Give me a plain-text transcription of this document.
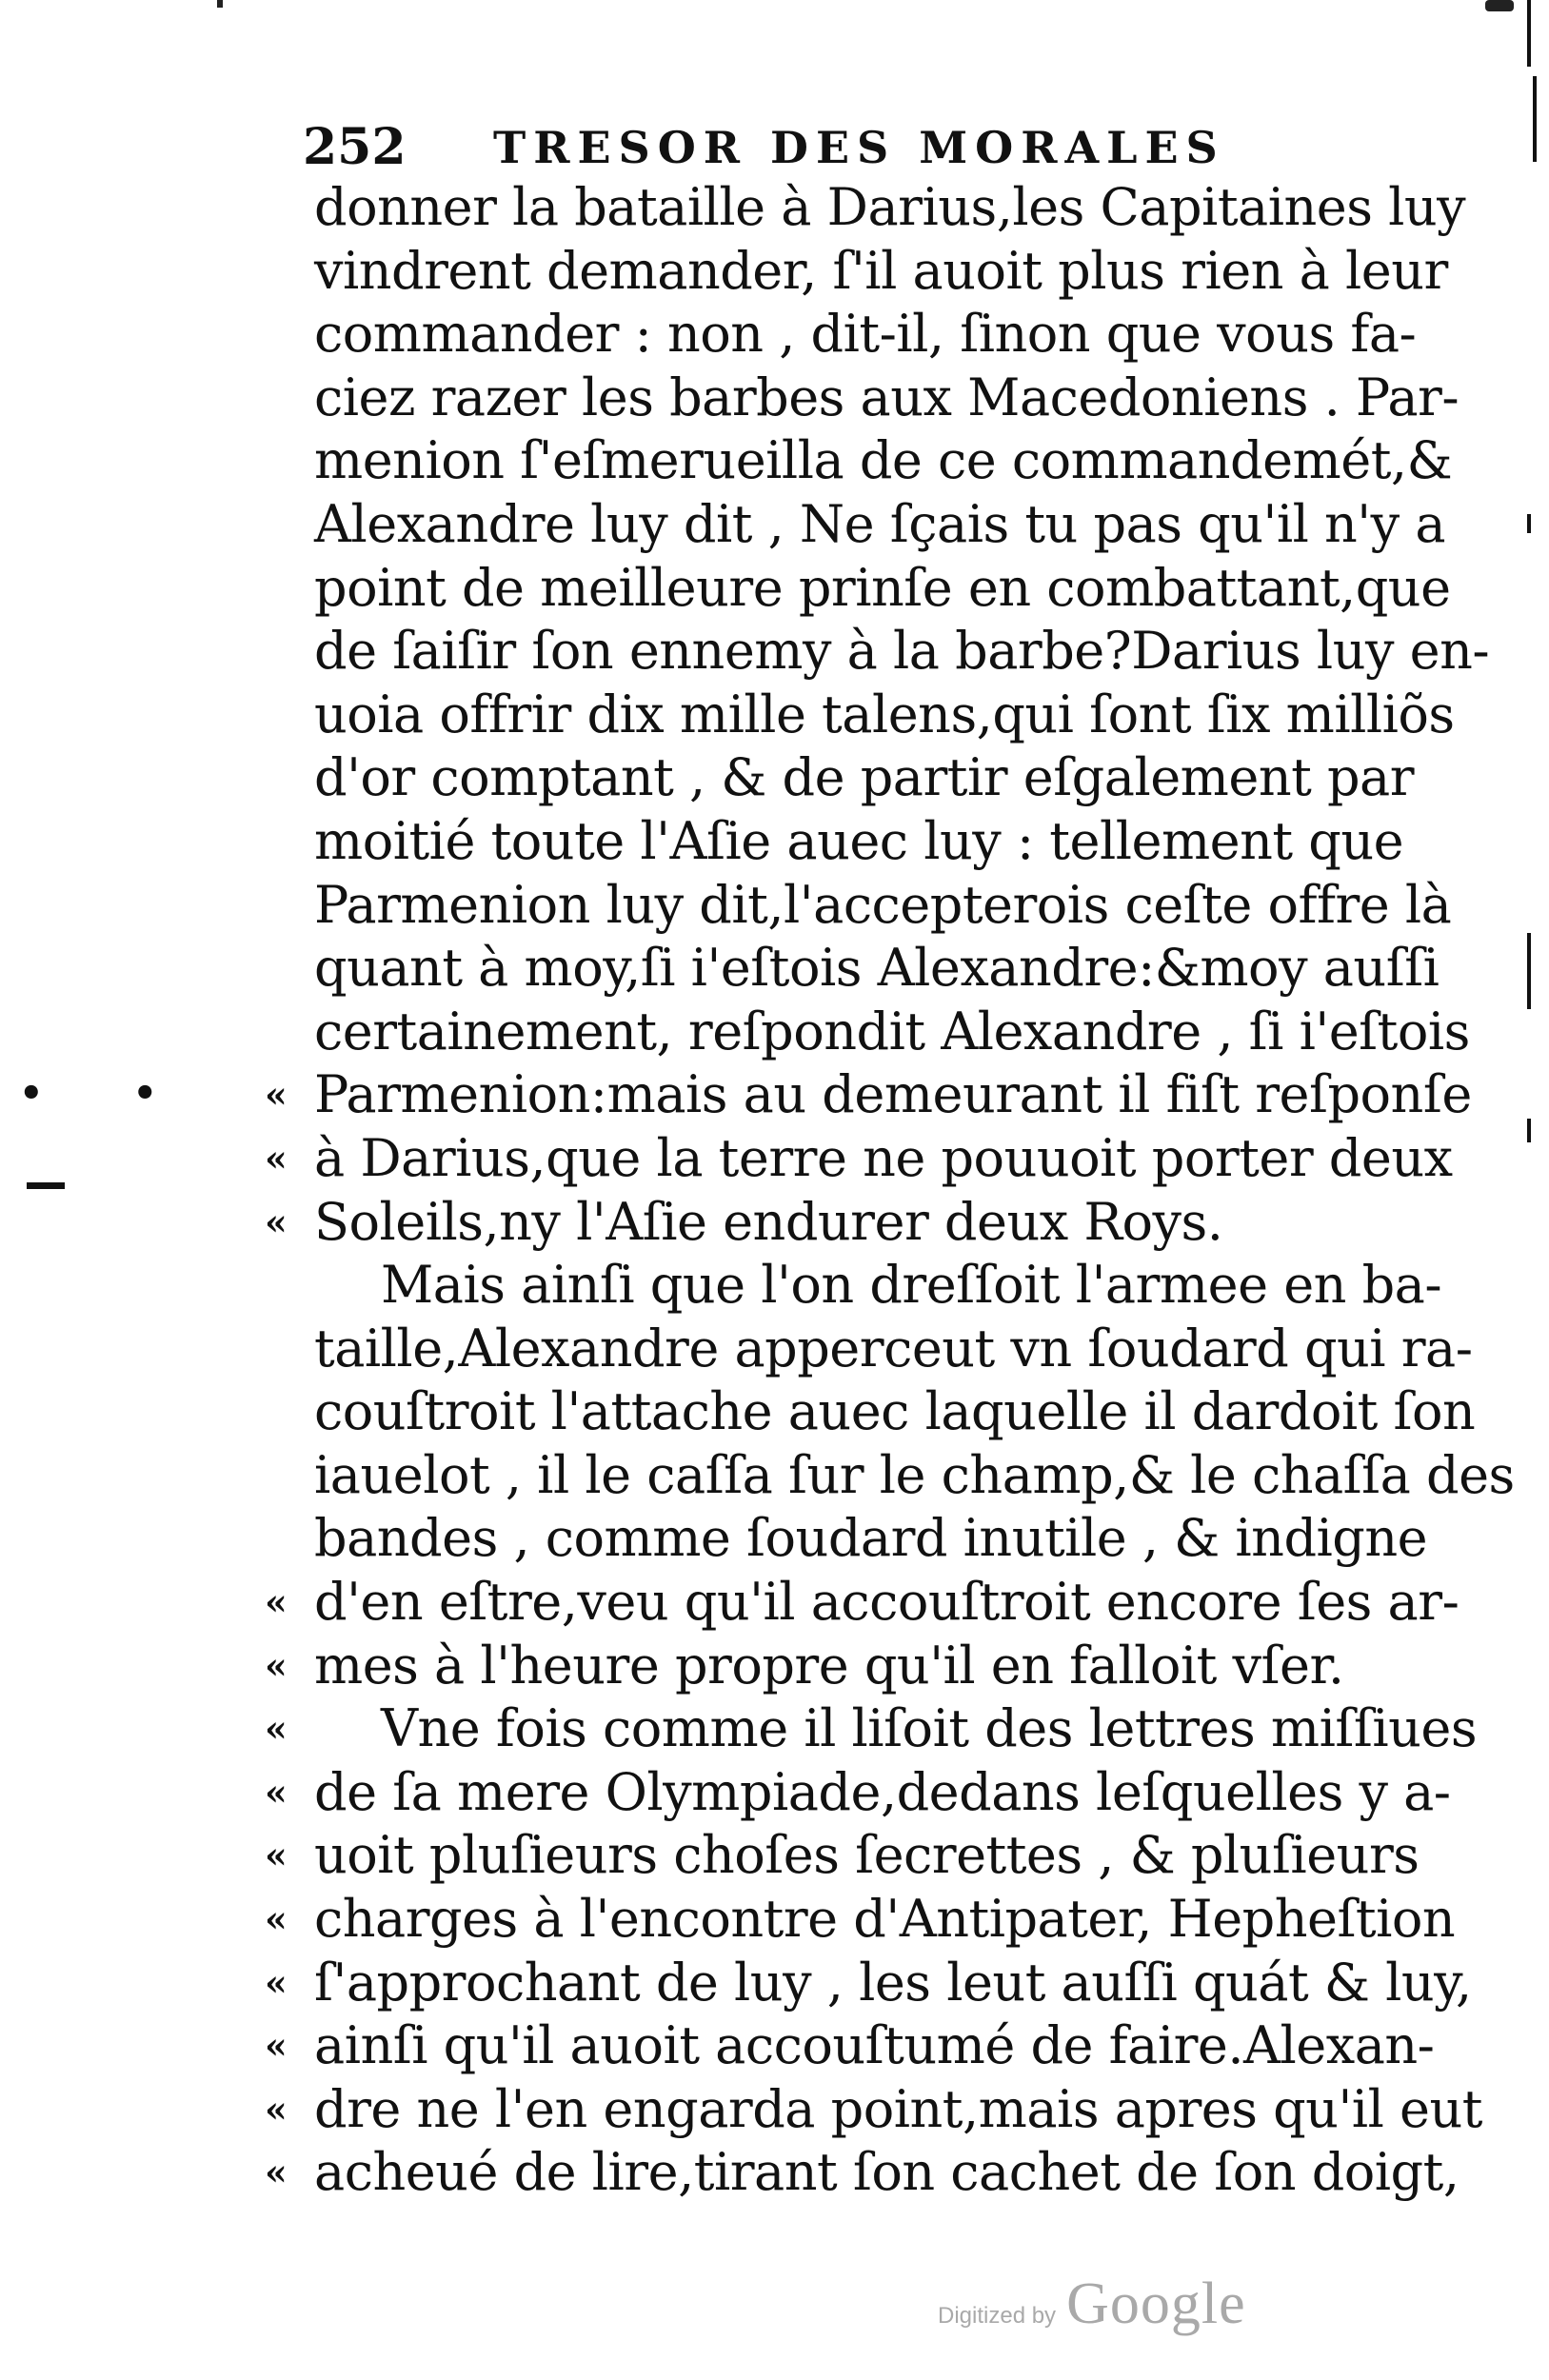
252 TRESOR DES MORALES
donner la bataille à Darius,les Capitaines luy
vindrent demander, ſ'il auoit plus rien à leur
commander : non , dit-il, ſinon que vous fa-
ciez razer les barbes aux Macedoniens . Par-
menion ſ'eſmerueilla de ce commandemét,&
Alexandre luy dit , Ne ſçais tu pas qu'il n'y a
point de meilleure prinſe en combattant,que
de ſaiſir ſon ennemy à la barbe?Darius luy en-
uoia offrir dix mille talens,qui ſont ſix milliõs
d'or comptant , & de partir eſgalement par
moitié toute l'Aſie auec luy : tellement que
Parmenion luy dit,l'accepterois ceſte offre là
quant à moy,ſi i'eſtois Alexandre:&moy auſſi
certainement, reſpondit Alexandre , ſi i'eſtois
« Parmenion:mais au demeurant il fiſt reſponſe
« à Darius,que la terre ne pouuoit porter deux
« Soleils,ny l'Aſie endurer deux Roys.
Mais ainſi que l'on dreſſoit l'armee en ba-
taille,Alexandre apperceut vn ſoudard qui ra-
couſtroit l'attache auec laquelle il dardoit ſon
iauelot , il le caſſa ſur le champ,& le chaſſa des
bandes , comme ſoudard inutile , & indigne
« d'en eſtre,veu qu'il accouſtroit encore ſes ar-
« mes à l'heure propre qu'il en falloit vſer.
« Vne fois comme il liſoit des lettres miſſiues
« de ſa mere Olympiade,dedans leſquelles y a-
« uoit pluſieurs choſes ſecrettes , & pluſieurs
« charges à l'encontre d'Antipater, Hepheſtion
« ſ'approchant de luy , les leut auſſi quát & luy,
« ainſi qu'il auoit accouſtumé de faire.Alexan-
« dre ne l'en engarda point,mais apres qu'il eut
« acheué de lire,tirant ſon cachet de ſon doigt,
• •
Digitized by Google
